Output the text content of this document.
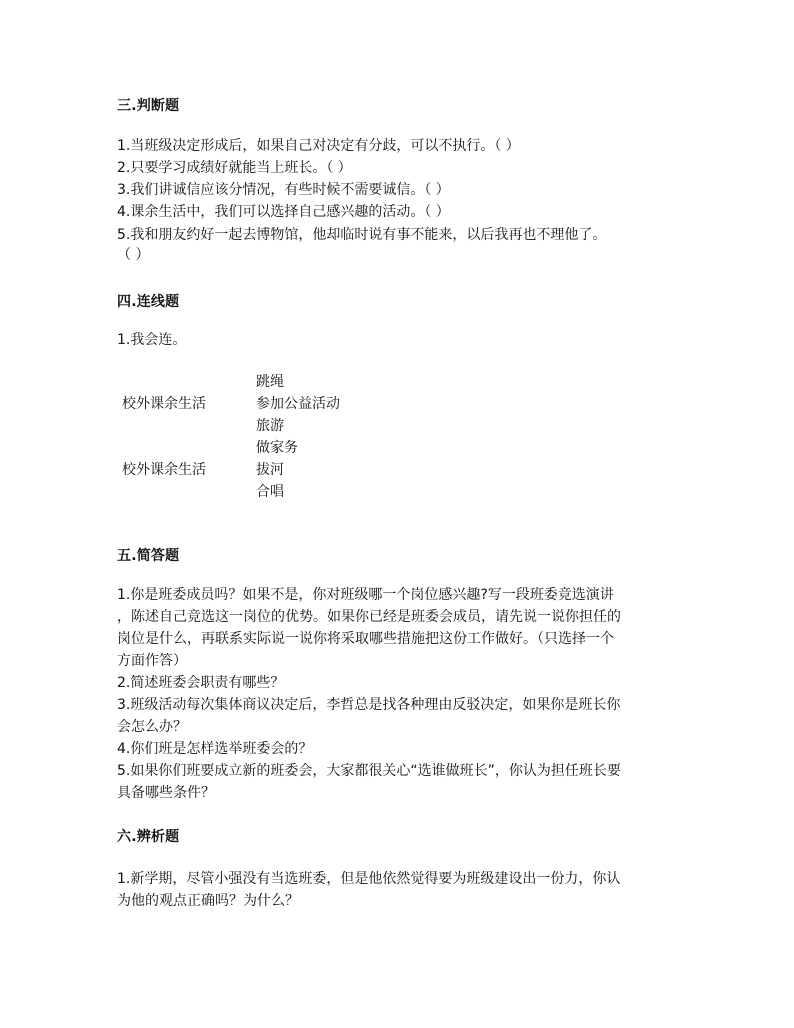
三.判断题
1.当班级决定形成后，如果自己对决定有分歧，可以不执行。（ ）
2.只要学习成绩好就能当上班长。（ ）
3.我们讲诚信应该分情况，有些时候不需要诚信。（ ）
4.课余生活中，我们可以选择自己感兴趣的活动。（ ）
5.我和朋友约好一起去博物馆，他却临时说有事不能来，以后我再也不理他了。
（ ）
四.连线题
1.我会连。
跳绳
校外课余生活	参加公益活动
旅游
做家务
校外课余生活	拔河
合唱
五.简答题
1.你是班委成员吗？如果不是，你对班级哪一个岗位感兴趣?写一段班委竞选演讲
，陈述自己竞选这一岗位的优势。如果你已经是班委会成员，请先说一说你担任的
岗位是什么，再联系实际说一说你将采取哪些措施把这份工作做好。（只选择一个
方面作答）
2.简述班委会职责有哪些？
3.班级活动每次集体商议决定后，李哲总是找各种理由反驳决定，如果你是班长你
会怎么办？
4.你们班是怎样选举班委会的？
5.如果你们班要成立新的班委会，大家都很关心“选谁做班长”，你认为担任班长要
具备哪些条件？
六.辨析题
1.新学期，尽管小强没有当选班委，但是他依然觉得要为班级建设出一份力，你认
为他的观点正确吗？为什么？
